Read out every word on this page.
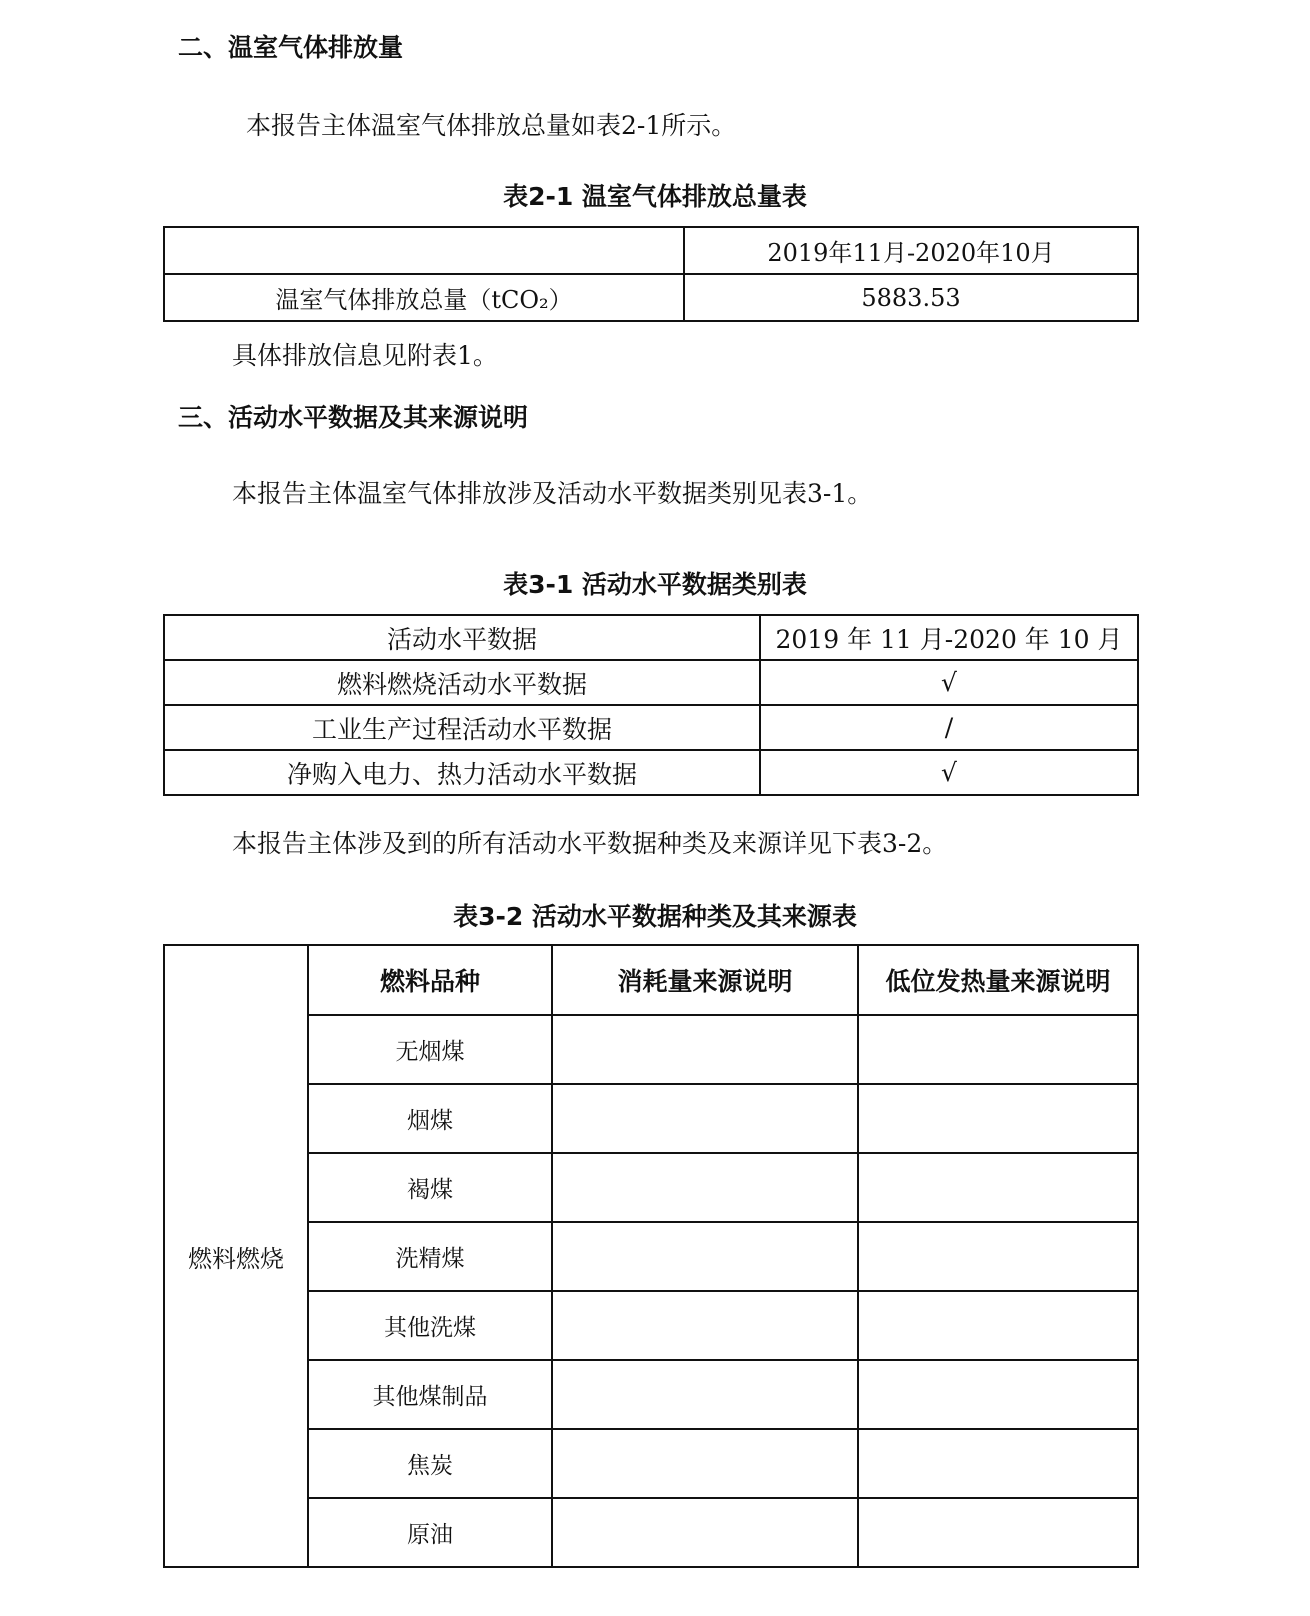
二、温室气体排放量
本报告主体温室气体排放总量如表2-1所示。
表2-1 温室气体排放总量表
	2019年11月-2020年10月
温室气体排放总量（tCO₂）	5883.53
具体排放信息见附表1。
三、活动水平数据及其来源说明
本报告主体温室气体排放涉及活动水平数据类别见表3-1。
表3-1 活动水平数据类别表
活动水平数据	2019 年 11 月-2020 年 10 月
燃料燃烧活动水平数据	√
工业生产过程活动水平数据	/
净购入电力、热力活动水平数据	√
本报告主体涉及到的所有活动水平数据种类及来源详见下表3-2。
表3-2 活动水平数据种类及其来源表
燃料燃烧	燃料品种	消耗量来源说明	低位发热量来源说明
	无烟煤		
	烟煤		
	褐煤		
	洗精煤		
	其他洗煤		
	其他煤制品		
	焦炭		
	原油		
